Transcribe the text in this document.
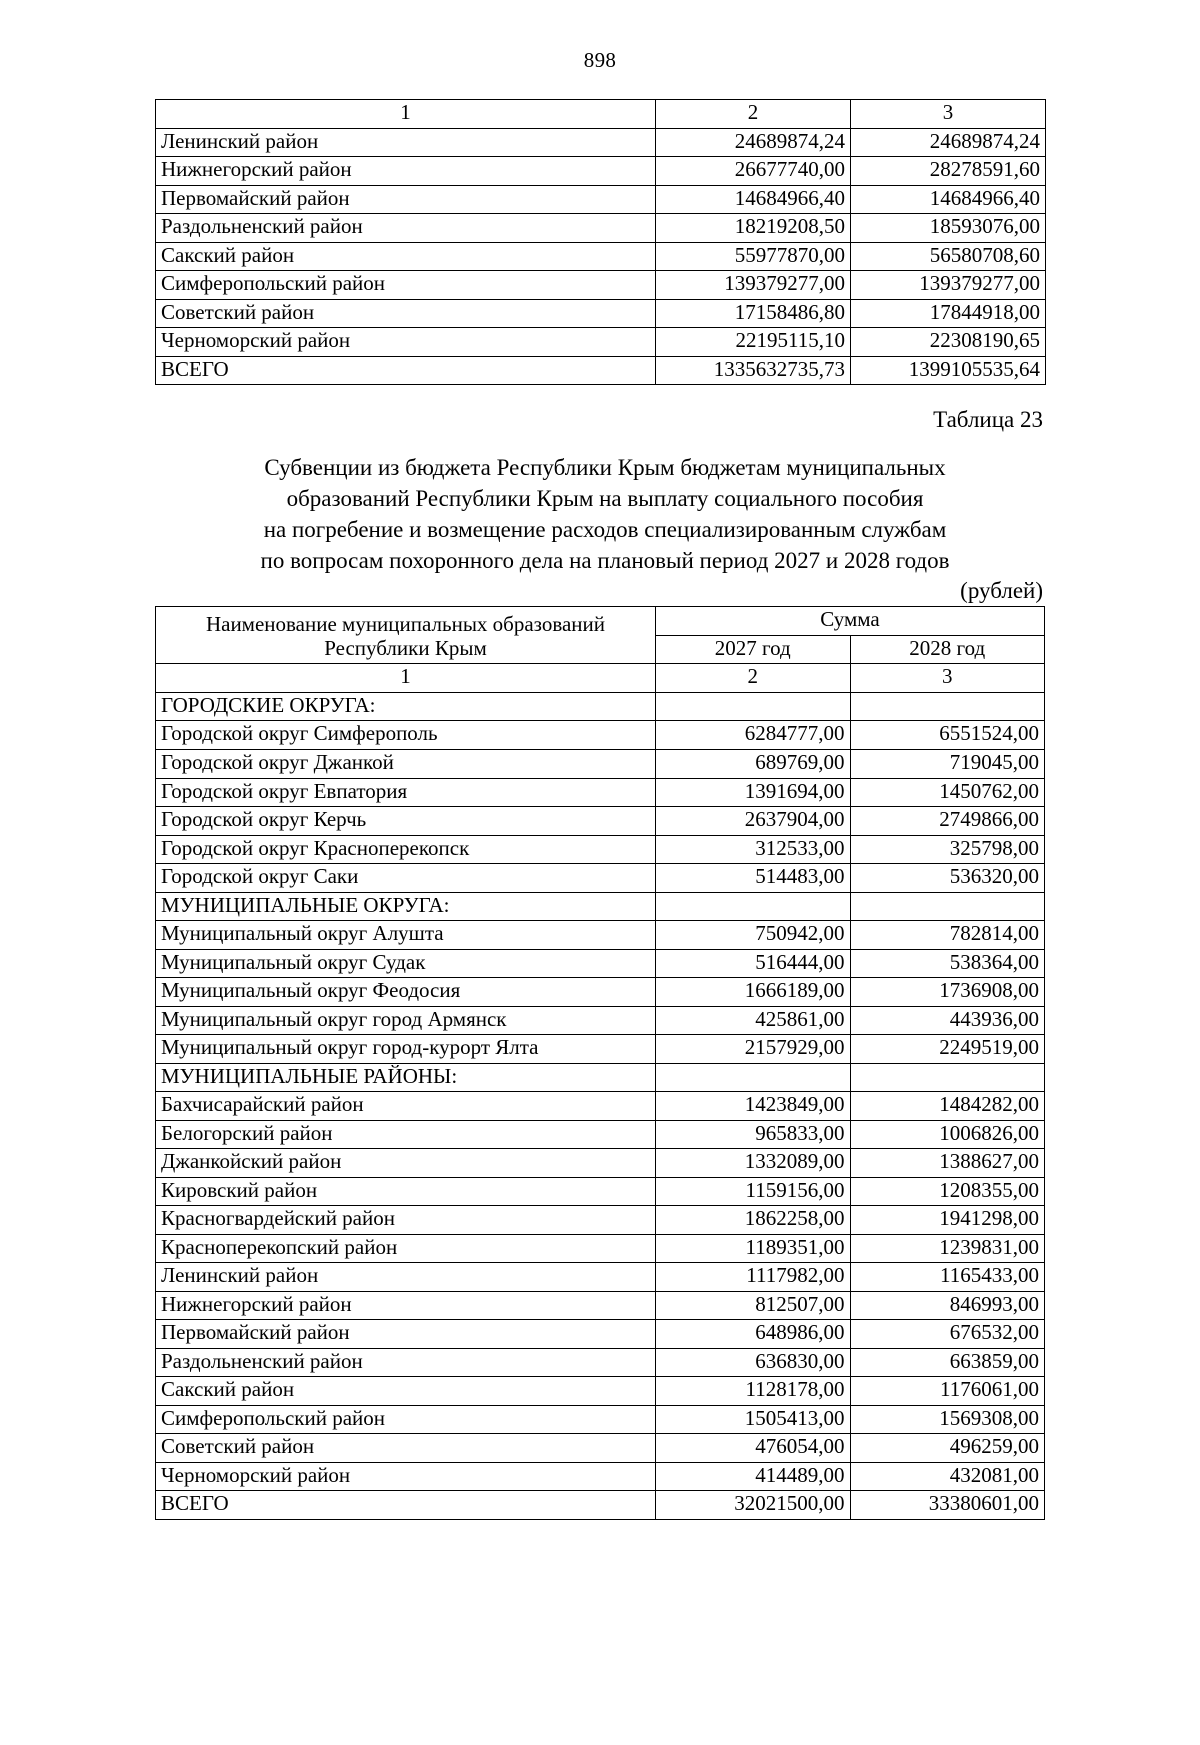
898
1	2	3
Ленинский район	24689874,24	24689874,24
Нижнегорский район	26677740,00	28278591,60
Первомайский район	14684966,40	14684966,40
Раздольненский район	18219208,50	18593076,00
Сакский район	55977870,00	56580708,60
Симферопольский район	139379277,00	139379277,00
Советский район	17158486,80	17844918,00
Черноморский район	22195115,10	22308190,65
ВСЕГО	1335632735,73	1399105535,64
Таблица 23
Субвенции из бюджета Республики Крым бюджетам муниципальных
образований Республики Крым на выплату социального пособия
на погребение и возмещение расходов специализированным службам
по вопросам похоронного дела на плановый период 2027 и 2028 годов
(рублей)
Наименование муниципальных образований
Республики Крым	Сумма	
	2027 год	2028 год
1	2	3
ГОРОДСКИЕ ОКРУГА:		
Городской округ Симферополь	6284777,00	6551524,00
Городской округ Джанкой	689769,00	719045,00
Городской округ Евпатория	1391694,00	1450762,00
Городской округ Керчь	2637904,00	2749866,00
Городской округ Красноперекопск	312533,00	325798,00
Городской округ Саки	514483,00	536320,00
МУНИЦИПАЛЬНЫЕ ОКРУГА:		
Муниципальный округ Алушта	750942,00	782814,00
Муниципальный округ Судак	516444,00	538364,00
Муниципальный округ Феодосия	1666189,00	1736908,00
Муниципальный округ город Армянск	425861,00	443936,00
Муниципальный округ город-курорт Ялта	2157929,00	2249519,00
МУНИЦИПАЛЬНЫЕ РАЙОНЫ:		
Бахчисарайский район	1423849,00	1484282,00
Белогорский район	965833,00	1006826,00
Джанкойский район	1332089,00	1388627,00
Кировский район	1159156,00	1208355,00
Красногвардейский район	1862258,00	1941298,00
Красноперекопский район	1189351,00	1239831,00
Ленинский район	1117982,00	1165433,00
Нижнегорский район	812507,00	846993,00
Первомайский район	648986,00	676532,00
Раздольненский район	636830,00	663859,00
Сакский район	1128178,00	1176061,00
Симферопольский район	1505413,00	1569308,00
Советский район	476054,00	496259,00
Черноморский район	414489,00	432081,00
ВСЕГО	32021500,00	33380601,00
